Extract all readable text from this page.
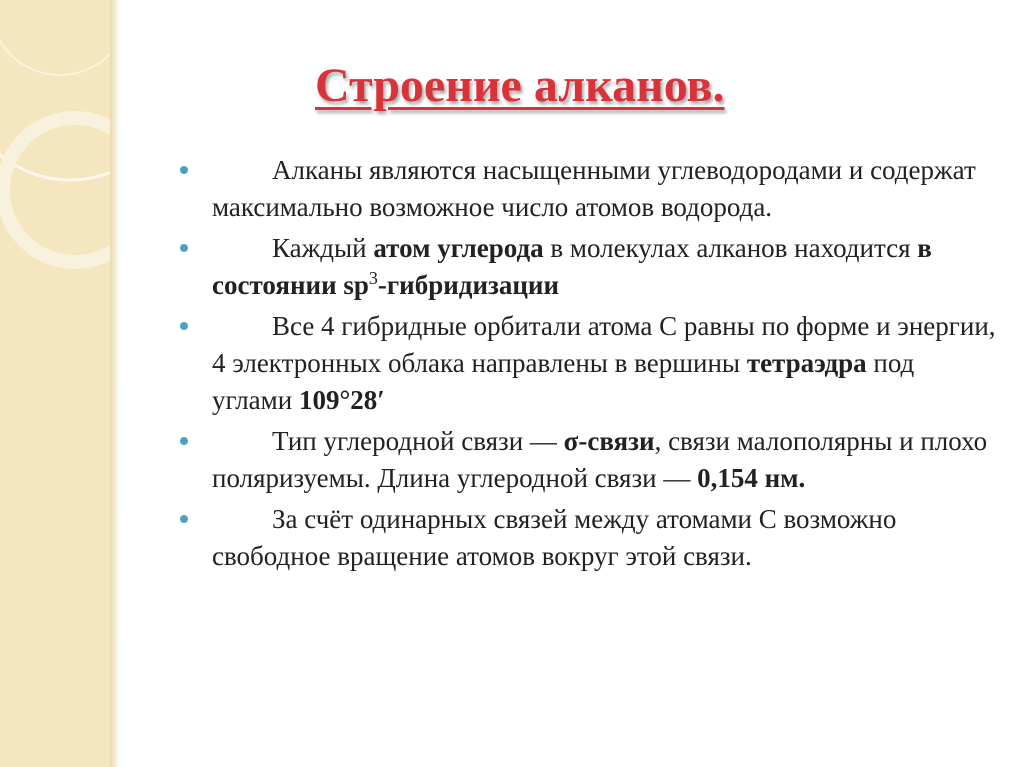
Строение алканов.
Алканы являются насыщенными углеводородами и содержат максимально возможное число атомов водорода.
Каждый атом углерода в молекулах алканов находится в состоянии $sp^3$-гибридизации
Все 4 гибридные орбитали атома С равны по форме и энергии, 4 электронных облака направлены в вершины тетраэдра под углами 109°28′
Тип углеродной связи — σ-связи, связи малополярны и плохо поляризуемы. Длина углеродной связи — 0,154 нм.
За счёт одинарных связей между атомами С возможно свободное вращение атомов вокруг этой связи.
